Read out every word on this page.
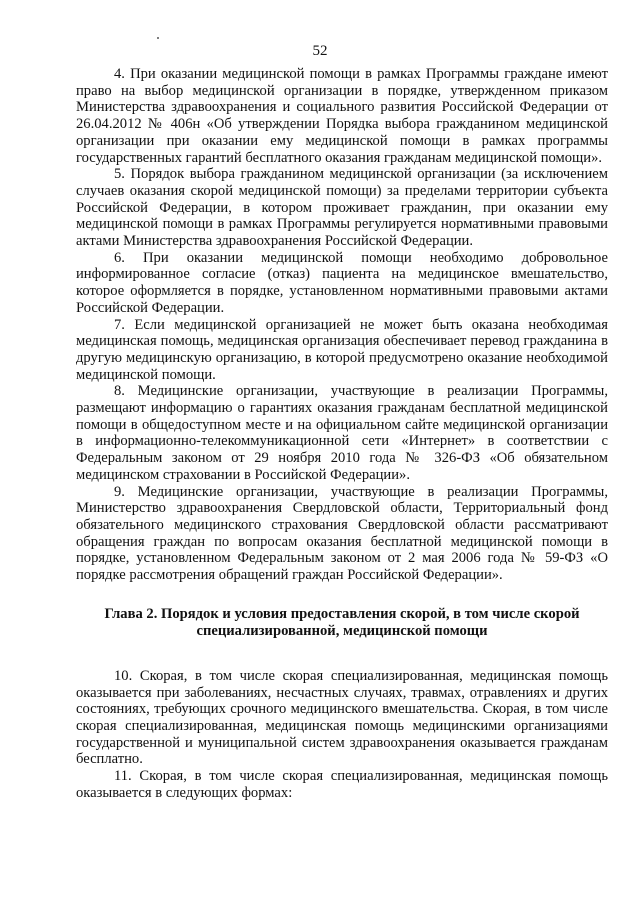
52

4. При оказании медицинской помощи в рамках Программы граждане имеют право на выбор медицинской организации в порядке, утвержденном приказом Министерства здравоохранения и социального развития Российской Федерации от 26.04.2012 № 406н «Об утверждении Порядка выбора гражданином медицинской организации при оказании ему медицинской помощи в рамках программы государственных гарантий бесплатного оказания гражданам медицинской помощи».

5. Порядок выбора гражданином медицинской организации (за исключением случаев оказания скорой медицинской помощи) за пределами территории субъекта Российской Федерации, в котором проживает гражданин, при оказании ему медицинской помощи в рамках Программы регулируется нормативными правовыми актами Министерства здравоохранения Российской Федерации.

6. При оказании медицинской помощи необходимо добровольное информированное согласие (отказ) пациента на медицинское вмешательство, которое оформляется в порядке, установленном нормативными правовыми актами Российской Федерации.

7. Если медицинской организацией не может быть оказана необходимая медицинская помощь, медицинская организация обеспечивает перевод гражданина в другую медицинскую организацию, в которой предусмотрено оказание необходимой медицинской помощи.

8. Медицинские организации, участвующие в реализации Программы, размещают информацию о гарантиях оказания гражданам бесплатной медицинской помощи в общедоступном месте и на официальном сайте медицинской организации в информационно-телекоммуникационной сети «Интернет» в соответствии с Федеральным законом от 29 ноября 2010 года № 326-ФЗ «Об обязательном медицинском страховании в Российской Федерации».

9. Медицинские организации, участвующие в реализации Программы, Министерство здравоохранения Свердловской области, Территориальный фонд обязательного медицинского страхования Свердловской области рассматривают обращения граждан по вопросам оказания бесплатной медицинской помощи в порядке, установленном Федеральным законом от 2 мая 2006 года № 59-ФЗ «О порядке рассмотрения обращений граждан Российской Федерации».

Глава 2. Порядок и условия предоставления скорой, в том числе скорой специализированной, медицинской помощи

10. Скорая, в том числе скорая специализированная, медицинская помощь оказывается при заболеваниях, несчастных случаях, травмах, отравлениях и других состояниях, требующих срочного медицинского вмешательства. Скорая, в том числе скорая специализированная, медицинская помощь медицинскими организациями государственной и муниципальной систем здравоохранения оказывается гражданам бесплатно.

11. Скорая, в том числе скорая специализированная, медицинская помощь оказывается в следующих формах:
